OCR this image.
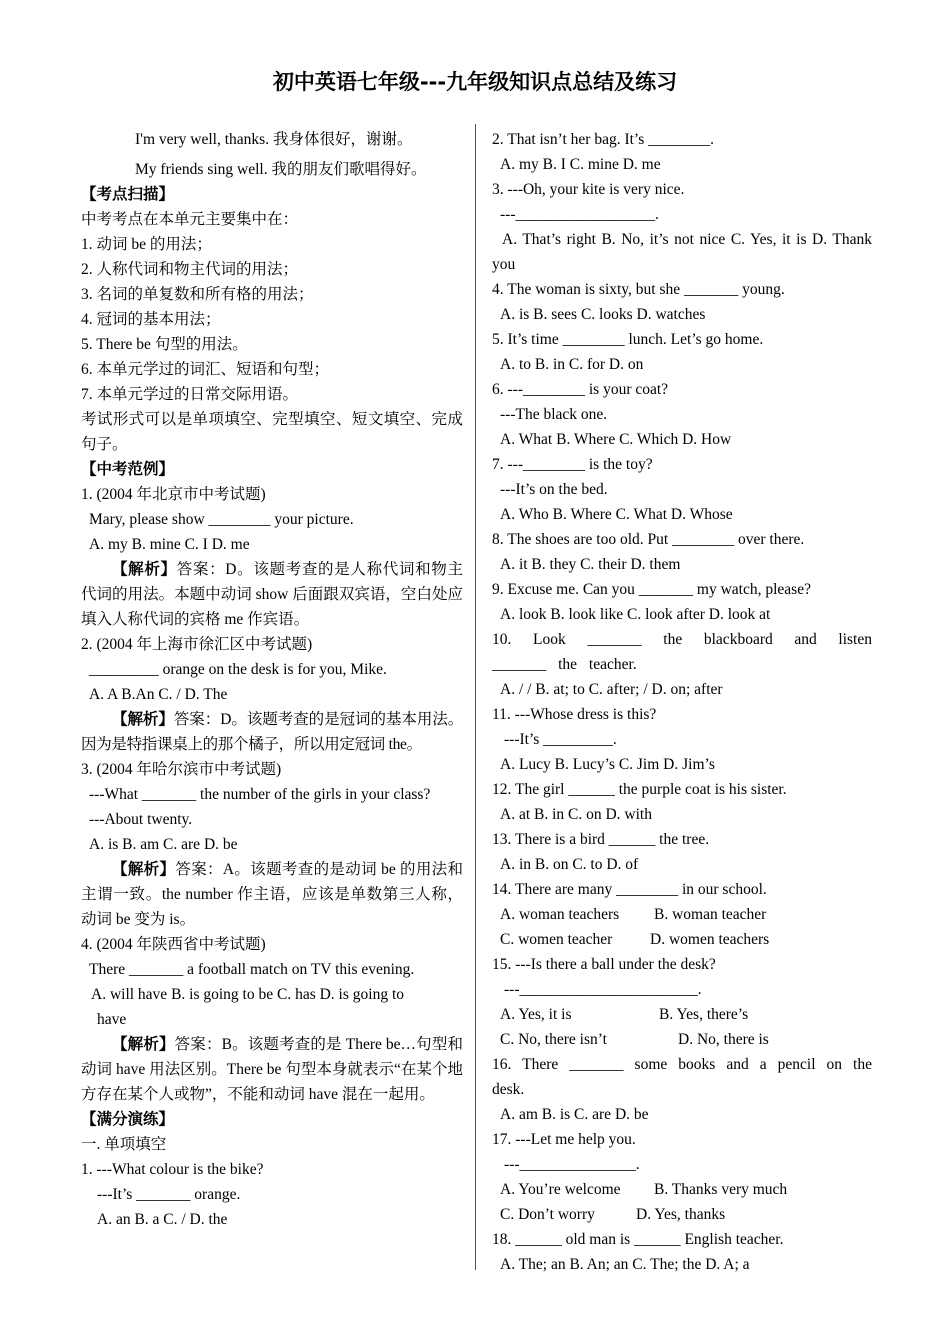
初中英语七年级---九年级知识点总结及练习
I'm very well, thanks. 我身体很好，谢谢。
My friends sing well. 我的朋友们歌唱得好。
【考点扫描】
中考考点在本单元主要集中在：
1. 动词 be 的用法；
2. 人称代词和物主代词的用法；
3. 名词的单复数和所有格的用法；
4. 冠词的基本用法；
5. There be 句型的用法。
6. 本单元学过的词汇、短语和句型；
7. 本单元学过的日常交际用语。
考试形式可以是单项填空、完型填空、短文填空、完成句子。
【中考范例】
1. (2004 年北京市中考试题)
Mary, please show ________ your picture.
A. my B. mine C. I D. me
【解析】答案：D。该题考查的是人称代词和物主代词的用法。本题中动词 show 后面跟双宾语，空白处应填入人称代词的宾格 me 作宾语。
2. (2004 年上海市徐汇区中考试题)
_________ orange on the desk is for you, Mike.
A. A B.An C. / D. The
【解析】答案：D。该题考查的是冠词的基本用法。因为是特指课桌上的那个橘子，所以用定冠词 the。
3. (2004 年哈尔滨市中考试题)
---What _______ the number of the girls in your class?
---About twenty.
A. is B. am C. are D. be
【解析】答案：A。该题考查的是动词 be 的用法和主谓一致。the number 作主语，应该是单数第三人称，动词 be 变为 is。
4. (2004 年陕西省中考试题)
There _______ a football match on TV this evening.
A. will have B. is going to be C. has D. is going to
have
【解析】答案：B。该题考查的是 There be…句型和动词 have 用法区别。There be 句型本身就表示“在某个地方存在某个人或物”，不能和动词 have 混在一起用。
【满分演练】
一. 单项填空
1. ---What colour is the bike?
---It’s _______ orange.
A. an B. a C. / D. the
2. That isn’t her bag. It’s ________.
A. my B. I C. mine D. me
3. ---Oh, your kite is very nice.
---__________________.
A. That’s right B. No, it’s not nice C. Yes, it is D. Thank you
4. The woman is sixty, but she _______ young.
A. is B. sees C. looks D. watches
5. It’s time ________ lunch. Let’s go home.
A. to B. in C. for D. on
6. ---________ is your coat?
---The black one.
A. What B. Where C. Which D. How
7. ---________ is the toy?
---It’s on the bed.
A. Who B. Where C. What D. Whose
8. The shoes are too old. Put ________ over there.
A. it B. they C. their D. them
9. Excuse me. Can you _______ my watch, please?
A. look B. look like C. look after D. look at
10. Look _______ the blackboard and listen _______ the teacher.
A. / / B. at; to C. after; / D. on; after
11. ---Whose dress is this?
---It’s _________.
A. Lucy B. Lucy’s C. Jim D. Jim’s
12. The girl ______ the purple coat is his sister.
A. at B. in C. on D. with
13. There is a bird ______ the tree.
A. in B. on C. to D. of
14. There are many ________ in our school.
A. woman teachers	B. woman teacher
C. women teacher	D. women teachers
15. ---Is there a ball under the desk?
---_______________________.
A. Yes, it is	B. Yes, there’s
C. No, there isn’t	D. No, there is
16. There _______ some books and a pencil on the desk.
A. am B. is C. are D. be
17. ---Let me help you.
---_______________.
A. You’re welcome	B. Thanks very much
C. Don’t worry	D. Yes, thanks
18. ______ old man is ______ English teacher.
A. The; an B. An; an C. The; the D. A; a
